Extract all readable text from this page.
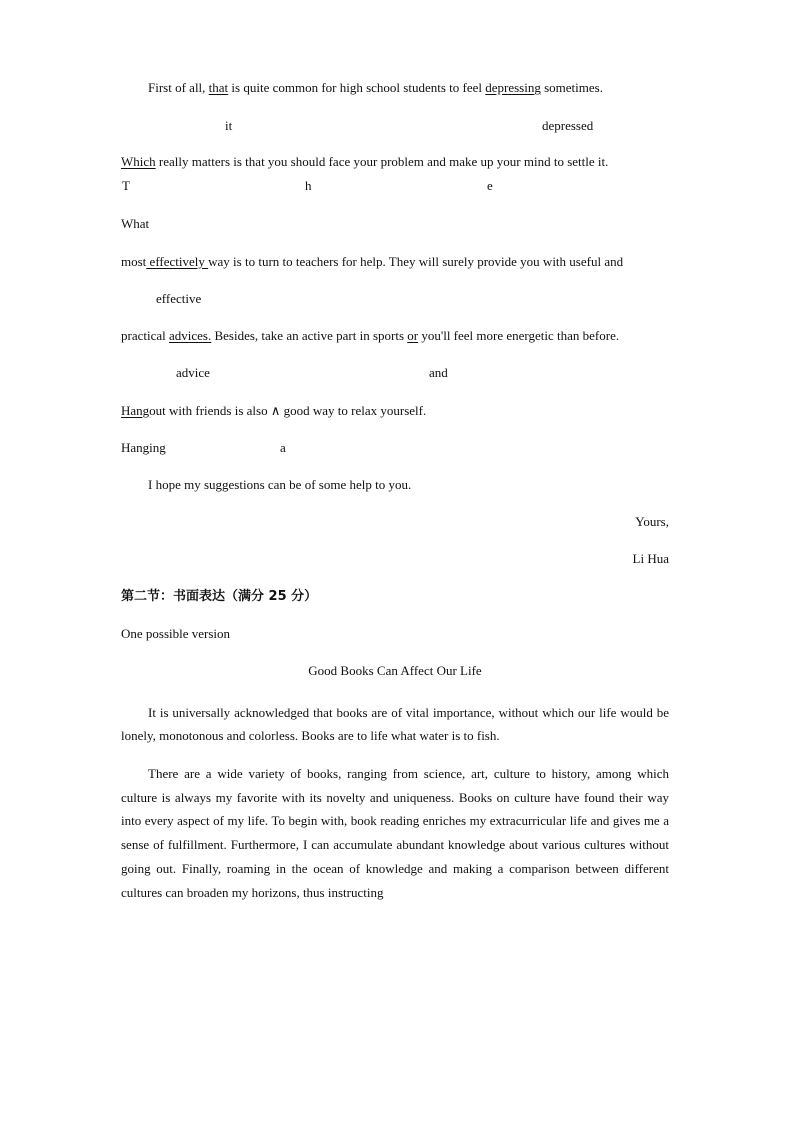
First of all, that is quite common for high school students to feel depressing sometimes.

it	depressed

Which really matters is that you should face your problem and make up your mind to settle it.

T	h	e
What

most effectively way is to turn to teachers for help. They will surely provide you with useful and

effective

practical advices. Besides, take an active part in sports or you'll feel more energetic than before.

advice	and

Hangout with friends is also ∧ good way to relax yourself.

Hanging	a

I hope my suggestions can be of some help to you.

Yours,

Li Hua

第二节：书面表达（满分 25 分）

One possible version

Good Books Can Affect Our Life

It is universally acknowledged that books are of vital importance, without which our life would be lonely, monotonous and colorless. Books are to life what water is to fish.

There are a wide variety of books, ranging from science, art, culture to history, among which culture is always my favorite with its novelty and uniqueness. Books on culture have found their way into every aspect of my life. To begin with, book reading enriches my extracurricular life and gives me a sense of fulfillment. Furthermore, I can accumulate abundant knowledge about various cultures without going out. Finally, roaming in the ocean of knowledge and making a comparison between different cultures can broaden my horizons, thus instructing
